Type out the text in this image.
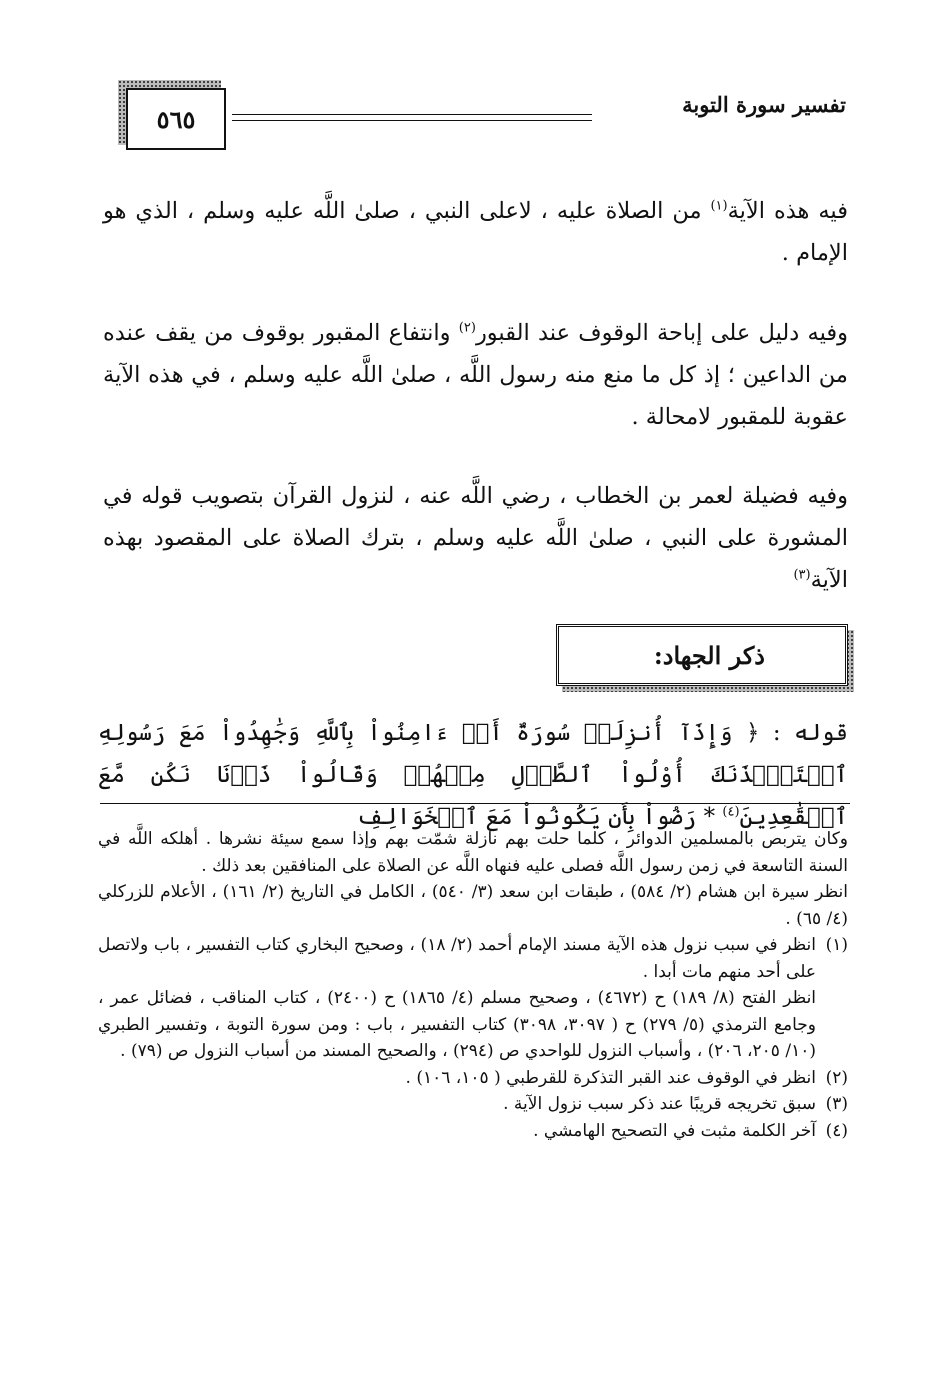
تفسير سورة التوبة
٥٦٥
فيه هذه الآية$^{(١)}$ من الصلاة عليه ، لاعلى النبي ، صلىٰ اللَّه عليه وسلم ، الذي هو الإمام .
وفيه دليل على إباحة الوقوف عند القبور$^{(٢)}$ وانتفاع المقبور بوقوف من يقف عنده من الداعين ؛ إذ كل ما منع منه رسول اللَّه ، صلىٰ اللَّه عليه وسلم ، في هذه الآية عقوبة للمقبور لامحالة .
وفيه فضيلة لعمر بن الخطاب ، رضي اللَّه عنه ، لنزول القرآن بتصويب قوله في المشورة على النبي ، صلىٰ اللَّه عليه وسلم ، بترك الصلاة على المقصود بهذه الآية$^{(٣)}$
ذكر الجهاد:
قوله : ﴿ وَإِذَآ أُنزِلَتۡ سُورَةٌ أَنۡ ءَامِنُواْ بِٱللَّهِ وَجَٰهِدُواْ مَعَ رَسُولِهِ ٱسۡتَـٔۡذَنَكَ أُوْلُواْ ٱلطَّوۡلِ مِنۡهُمۡ وَقَالُواْ ذَرۡنَا نَكُن مَّعَ ٱلۡقَٰعِدِينَ$^{(٤)}$ * رَضُواْ بِأَن يَكُونُواْ مَعَ ٱلۡخَوَالِفِ

وكان يتربص بالمسلمين الدوائر ، كلما حلت بهم نازلة شمّت بهم وإذا سمع سيئة نشرها . أهلكه اللَّه في السنة التاسعة في زمن رسول اللَّه فصلى عليه فنهاه اللَّه عن الصلاة على المنافقين بعد ذلك .

انظر سيرة ابن هشام (٢/ ٥٨٤) ، طبقات ابن سعد (٣/ ٥٤٠) ، الكامل في التاريخ (٢/ ١٦١) ، الأعلام للزركلي (٤/ ٦٥) .

(١)
انظر في سبب نزول هذه الآية مسند الإمام أحمد (٢/ ١٨) ، وصحيح البخاري كتاب التفسير ، باب ولاتصل على أحد منهم مات أبدا .

انظر الفتح (٨/ ١٨٩) ح (٤٦٧٢) ، وصحيح مسلم (٤/ ١٨٦٥) ح (٢٤٠٠) ، كتاب المناقب ، فضائل عمر ، وجامع الترمذي (٥/ ٢٧٩) ح ( ٣٠٩٧، ٣٠٩٨) كتاب التفسير ، باب : ومن سورة التوبة ، وتفسير الطبري (١٠/ ٢٠٥، ٢٠٦) ، وأسباب النزول للواحدي ص (٢٩٤) ، والصحيح المسند من أسباب النزول ص (٧٩) .

(٢)
انظر في الوقوف عند القبر التذكرة للقرطبي ( ١٠٥، ١٠٦) .

(٣)
سبق تخريجه قريبًا عند ذكر سبب نزول الآية .

(٤)
آخر الكلمة مثبت في التصحيح الهامشي .
